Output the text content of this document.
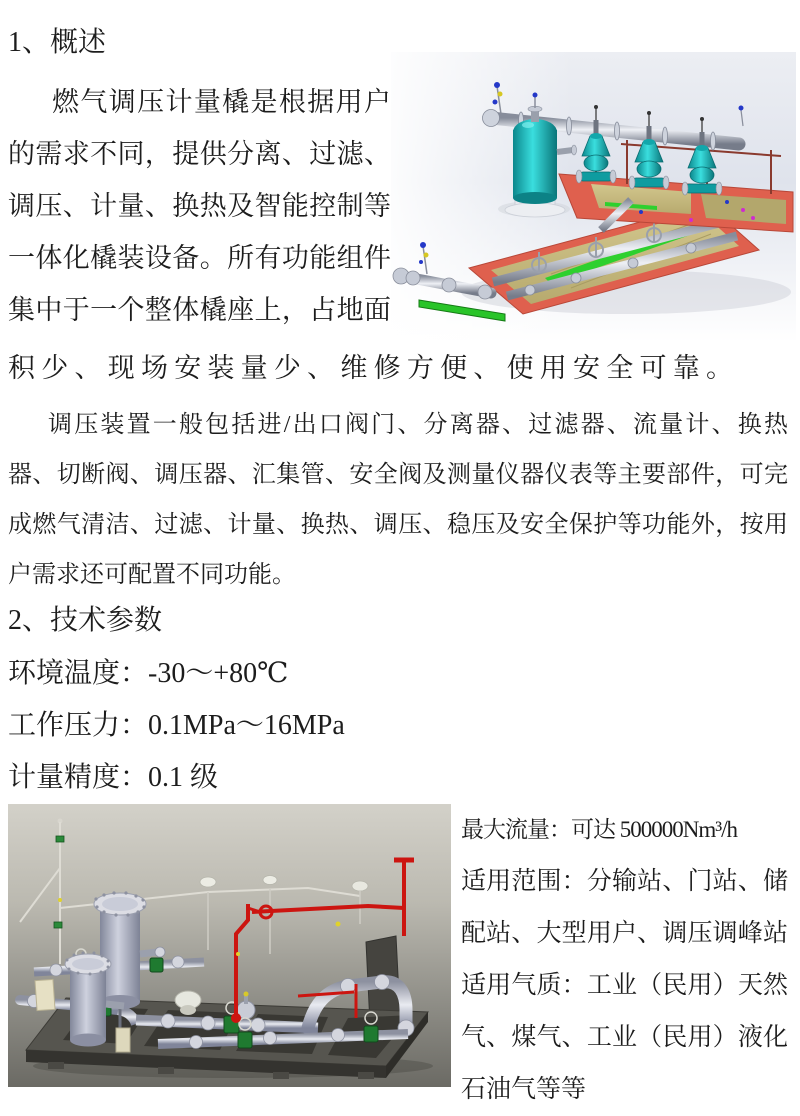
1、概述
燃气调压计量橇是根据用户
的需求不同，提供分离、过滤、
调压、计量、换热及智能控制等
一体化橇装设备。所有功能组件
集中于一个整体橇座上，占地面
积少、现场安装量少、维修方便、使用安全可靠。
调压装置一般包括进/出口阀门、分离器、过滤器、流量计、换热
器、切断阀、调压器、汇集管、安全阀及测量仪器仪表等主要部件，可完
成燃气清洁、过滤、计量、换热、调压、稳压及安全保护等功能外，按用
户需求还可配置不同功能。
2、技术参数
环境温度：-30～+80℃
工作压力：0.1MPa～16MPa
计量精度：0.1 级
最大流量：可达 500000Nm³/h
适用范围：分输站、门站、储
配站、大型用户、调压调峰站
适用气质：工业（民用）天然
气、煤气、工业（民用）液化
石油气等等
